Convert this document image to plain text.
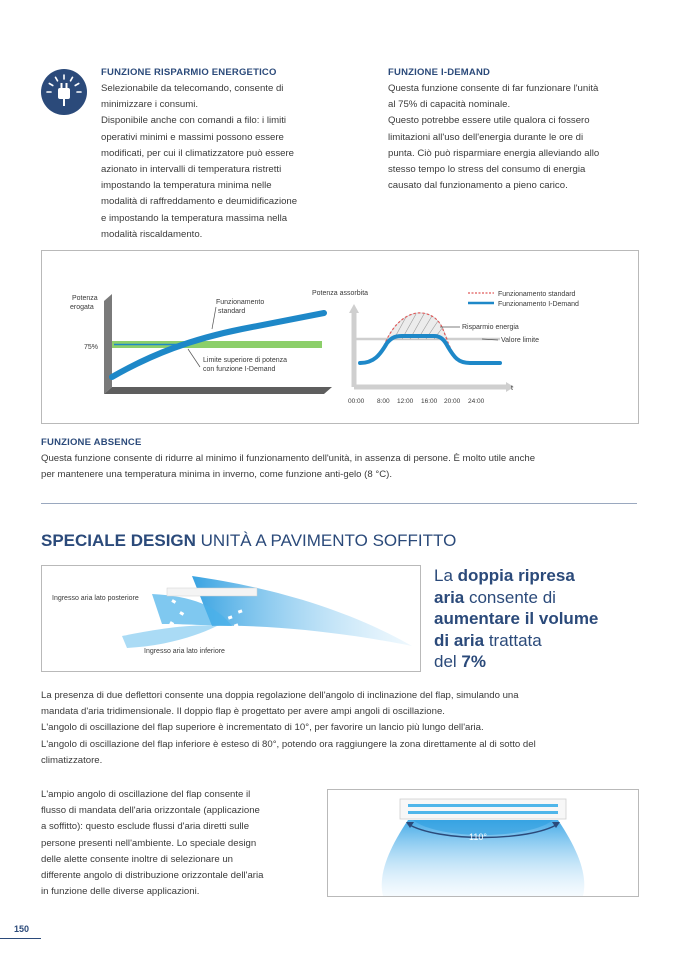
FUNZIONE RISPARMIO ENERGETICO
Selezionabile da telecomando, consente di
minimizzare i consumi.
Disponibile anche con comandi a filo: i limiti
operativi minimi e massimi possono essere
modificati, per cui il climatizzatore può essere
azionato in intervalli di temperatura ristretti
impostando la temperatura minima nelle
modalità di raffreddamento e deumidificazione
e impostando la temperatura massima nella
modalità riscaldamento.
FUNZIONE I-DEMAND
Questa funzione consente di far funzionare l'unità
al 75% di capacità nominale.
Questo potrebbe essere utile qualora ci fossero
limitazioni all'uso dell'energia durante le ore di
punta. Ciò può risparmiare energia alleviando allo
stesso tempo lo stress del consumo di energia
causato dal funzionamento a pieno carico.
Potenza
erogata
75%
Funzionamento
standard
Limite superiore di potenza
con funzione I-Demand
Potenza assorbita	Funzionamento standard
Funzionamento I-Demand
Risparmio energia
Valore limite
t
00:00 8:00 12:00 16:00 20:00 24:00
FUNZIONE ABSENCE
Questa funzione consente di ridurre al minimo il funzionamento dell'unità, in assenza di persone. È molto utile anche
per mantenere una temperatura minima in inverno, come funzione anti-gelo (8 °C).
SPECIALE DESIGN UNITÀ A PAVIMENTO SOFFITTO
Ingresso aria lato posteriore
Ingresso aria lato inferiore
La doppia ripresa
aria consente di
aumentare il volume
di aria trattata
del 7%
La presenza di due deflettori consente una doppia regolazione dell'angolo di inclinazione del flap, simulando una
mandata d'aria tridimensionale. Il doppio flap è progettato per avere ampi angoli di oscillazione.
L'angolo di oscillazione del flap superiore è incrementato di 10°, per favorire un lancio più lungo dell'aria.
L'angolo di oscillazione del flap inferiore è esteso di 80°, potendo ora raggiungere la zona direttamente al di sotto del
climatizzatore.
L'ampio angolo di oscillazione del flap consente il
flusso di mandata dell'aria orizzontale (applicazione
a soffitto): questo esclude flussi d'aria diretti sulle
persone presenti nell'ambiente. Lo speciale design
delle alette consente inoltre di selezionare un
differente angolo di distribuzione orizzontale dell'aria
in funzione delle diverse applicazioni.
110°
150
